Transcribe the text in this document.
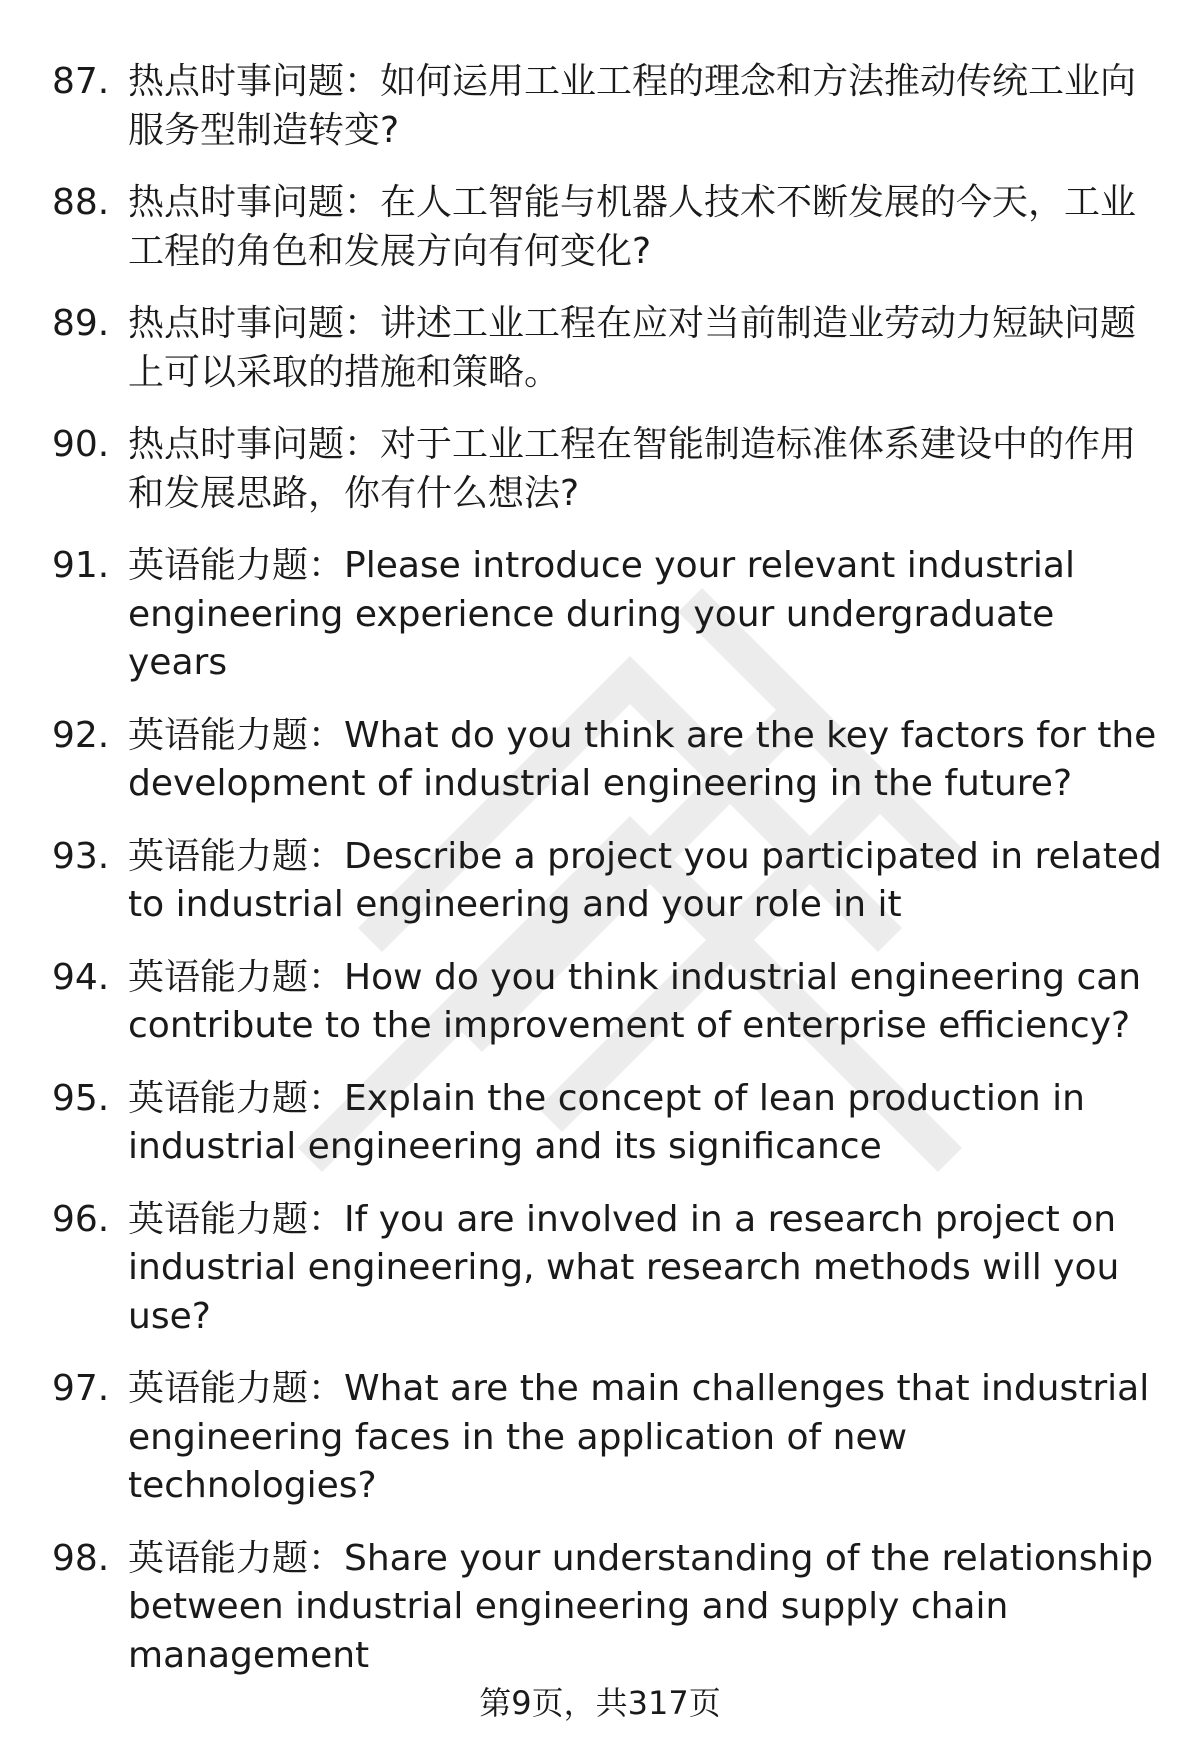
87. 热点时事问题：如何运用工业工程的理念和方法推动传统工业向服务型制造转变?
88. 热点时事问题：在人工智能与机器人技术不断发展的今天，工业工程的角色和发展方向有何变化?
89. 热点时事问题：讲述工业工程在应对当前制造业劳动力短缺问题上可以采取的措施和策略。
90. 热点时事问题：对于工业工程在智能制造标准体系建设中的作用和发展思路，你有什么想法?
91. 英语能力题：Please introduce your relevant industrial engineering experience during your undergraduate years
92. 英语能力题：What do you think are the key factors for the development of industrial engineering in the future?
93. 英语能力题：Describe a project you participated in related to industrial engineering and your role in it
94. 英语能力题：How do you think industrial engineering can contribute to the improvement of enterprise efficiency?
95. 英语能力题：Explain the concept of lean production in industrial engineering and its significance
96. 英语能力题：If you are involved in a research project on industrial engineering, what research methods will you use?
97. 英语能力题：What are the main challenges that industrial engineering faces in the application of new technologies?
98. 英语能力题：Share your understanding of the relationship between industrial engineering and supply chain management
第9页，共317页
